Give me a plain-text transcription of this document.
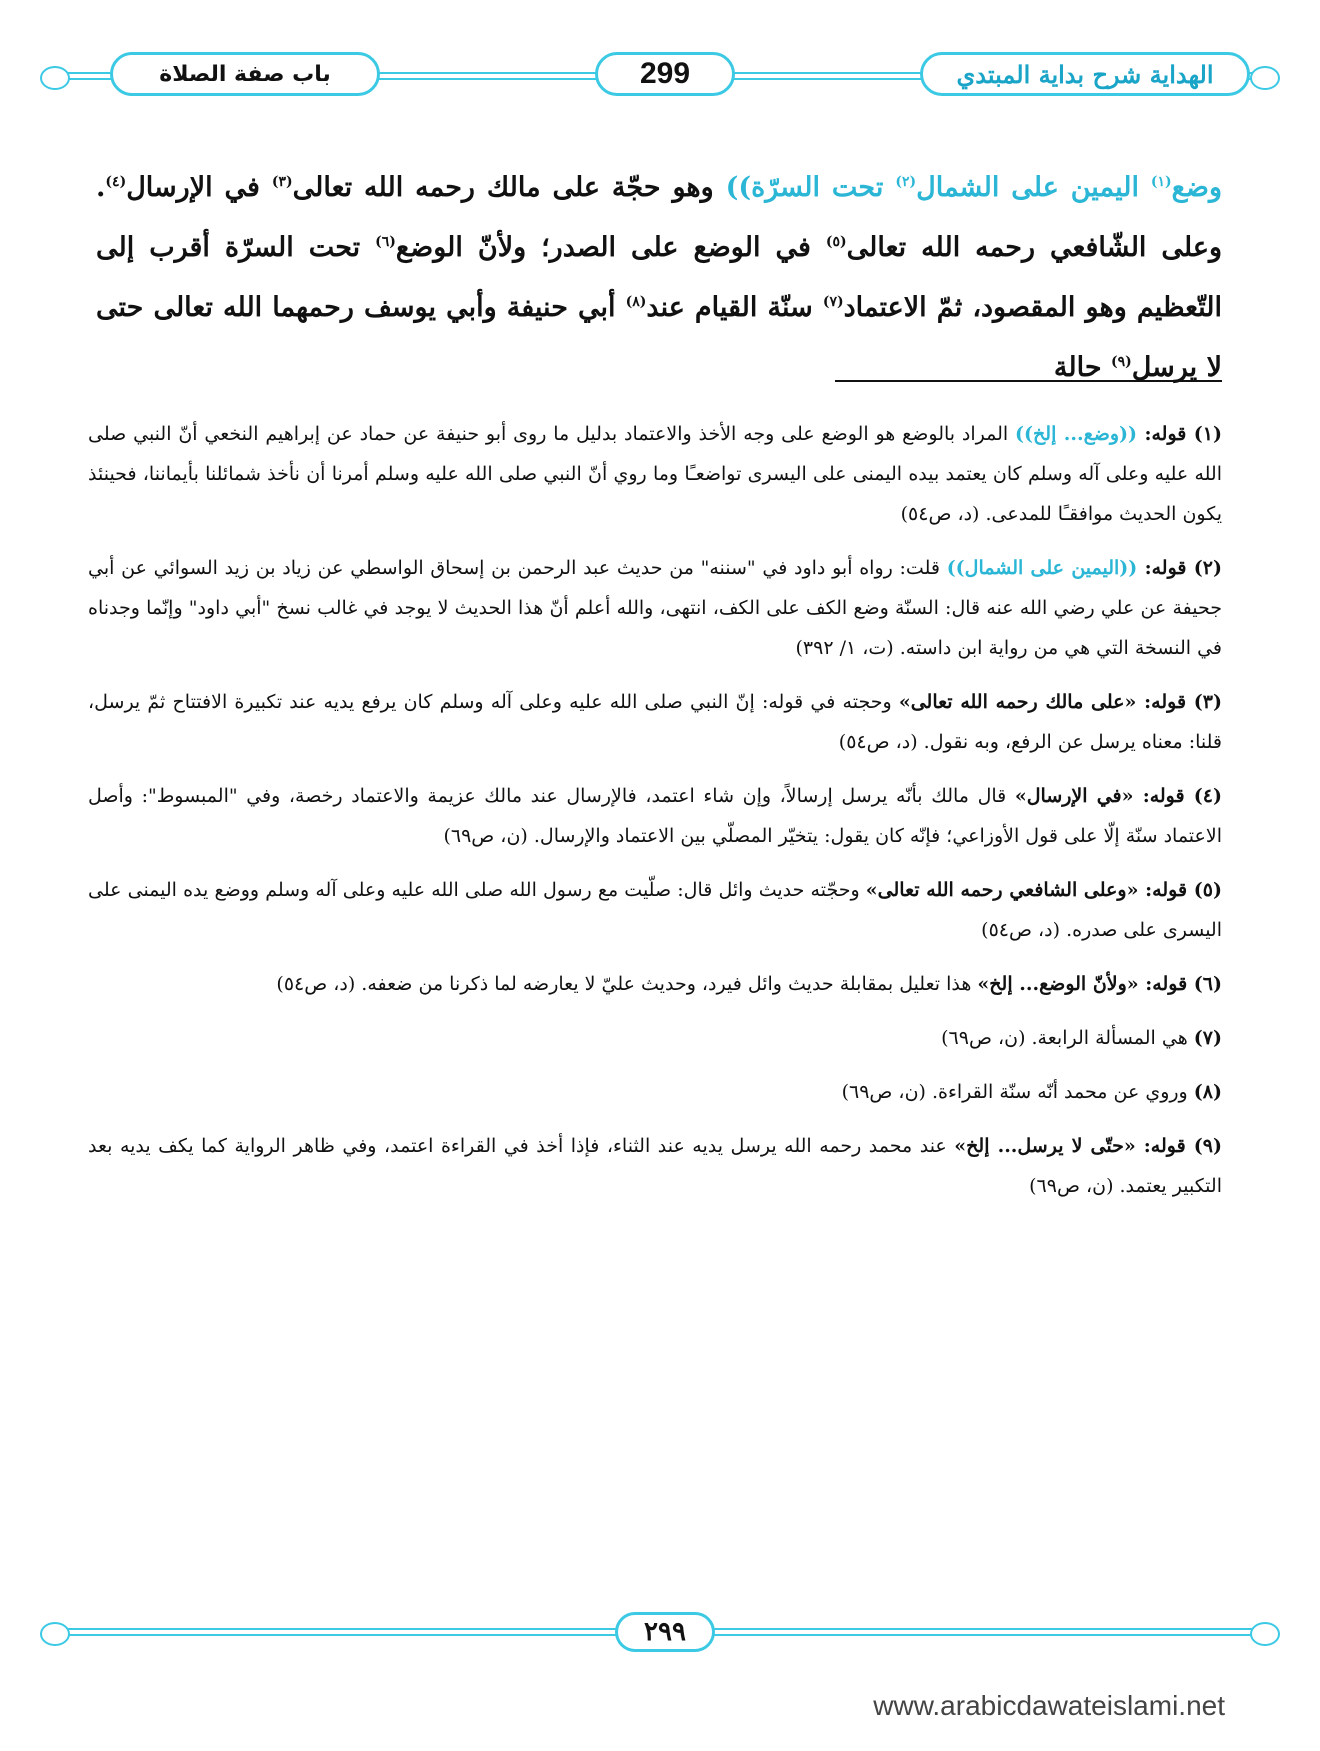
باب صفة الصلاة	299	الهداية شرح بداية المبتدي

وضع$^{(١)}$ اليمين على الشمال$^{(٢)}$ تحت السرّة)) وهو حجّة على مالك رحمه الله تعالى$^{(٣)}$ في الإرسال$^{(٤)}$. وعلى الشّافعي رحمه الله تعالى$^{(٥)}$ في الوضع على الصدر؛ ولأنّ الوضع$^{(٦)}$ تحت السرّة أقرب إلى التّعظيم وهو المقصود، ثمّ الاعتماد$^{(٧)}$ سنّة القيام عند$^{(٨)}$ أبي حنيفة وأبي يوسف رحمهما الله تعالى حتى لا يرسل$^{(٩)}$ حالة

(١) قوله: ((وضع... إلخ)) المراد بالوضع هو الوضع على وجه الأخذ والاعتماد بدليل ما روى أبو حنيفة عن حماد عن إبراهيم النخعي أنّ النبي صلى الله عليه وعلى آله وسلم كان يعتمد بيده اليمنى على اليسرى تواضعـًا وما روي أنّ النبي صلى الله عليه وسلم أمرنا أن نأخذ شمائلنا بأيماننا، فحينئذ يكون الحديث موافقـًا للمدعى. (د، ص٥٤)

(٢) قوله: ((اليمين على الشمال)) قلت: رواه أبو داود في "سننه" من حديث عبد الرحمن بن إسحاق الواسطي عن زياد بن زيد السوائي عن أبي جحيفة عن علي رضي الله عنه قال: السنّة وضع الكف على الكف، انتهى، والله أعلم أنّ هذا الحديث لا يوجد في غالب نسخ "أبي داود" وإنّما وجدناه في النسخة التي هي من رواية ابن داسته. (ت، ١/ ٣٩٢)

(٣) قوله: «على مالك رحمه الله تعالى» وحجته في قوله: إنّ النبي صلى الله عليه وعلى آله وسلم كان يرفع يديه عند تكبيرة الافتتاح ثمّ يرسل، قلنا: معناه يرسل عن الرفع، وبه نقول. (د، ص٥٤)

(٤) قوله: «في الإرسال» قال مالك بأنّه يرسل إرسالاً، وإن شاء اعتمد، فالإرسال عند مالك عزيمة والاعتماد رخصة، وفي "المبسوط": وأصل الاعتماد سنّة إلّا على قول الأوزاعي؛ فإنّه كان يقول: يتخيّر المصلّي بين الاعتماد والإرسال. (ن، ص٦٩)

(٥) قوله: «وعلى الشافعي رحمه الله تعالى» وحجّته حديث وائل قال: صلّيت مع رسول الله صلى الله عليه وعلى آله وسلم ووضع يده اليمنى على اليسرى على صدره. (د، ص٥٤)

(٦) قوله: «ولأنّ الوضع... إلخ» هذا تعليل بمقابلة حديث وائل فيرد، وحديث عليّ لا يعارضه لما ذكرنا من ضعفه. (د، ص٥٤)

(٧) هي المسألة الرابعة. (ن، ص٦٩)

(٨) وروي عن محمد أنّه سنّة القراءة. (ن، ص٦٩)

(٩) قوله: «حتّى لا يرسل... إلخ» عند محمد رحمه الله يرسل يديه عند الثناء، فإذا أخذ في القراءة اعتمد، وفي ظاهر الرواية كما يكف يديه بعد التكبير يعتمد. (ن، ص٦٩)

٢٩٩
www.arabicdawateislami.net
